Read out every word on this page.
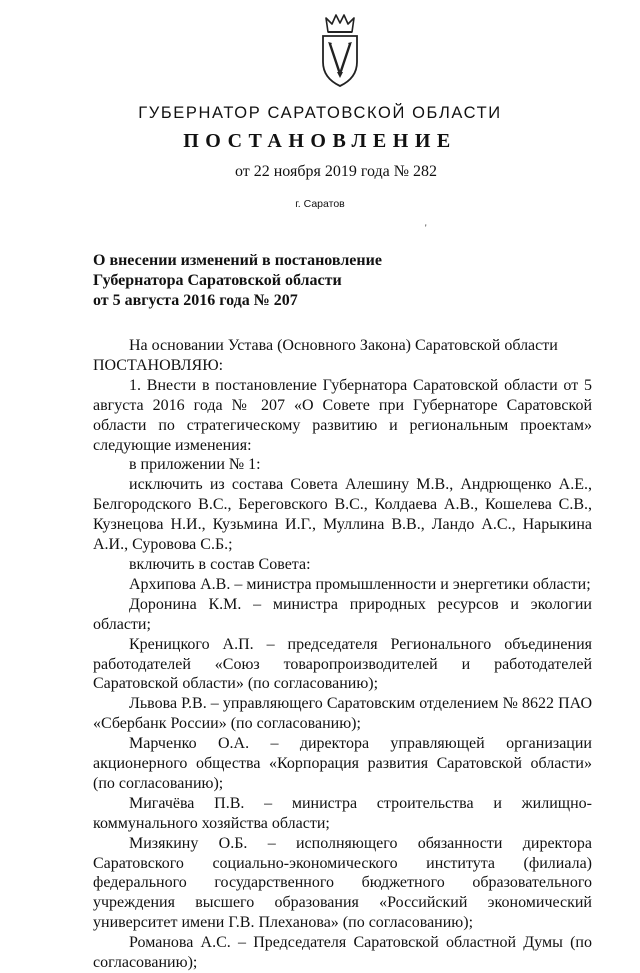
ГУБЕРНАТОР САРАТОВСКОЙ ОБЛАСТИ
ПОСТАНОВЛЕНИЕ
от 22 ноября 2019 года № 282
г. Саратов
'
О внесении изменений в постановление
Губернатора Саратовской области
от 5 августа 2016 года № 207

На основании Устава (Основного Закона) Саратовской области

ПОСТАНОВЛЯЮ:

1. Внести в постановление Губернатора Саратовской области от 5 августа 2016 года № 207 «О Совете при Губернаторе Саратовской области по стратегическому развитию и региональным проектам» следующие изменения:

в приложении № 1:

исключить из состава Совета Алешину М.В., Андрющенко А.Е., Белгородского В.С., Береговского В.С., Колдаева А.В., Кошелева С.В., Кузнецова Н.И., Кузьмина И.Г., Муллина В.В., Ландо А.С., Нарыкина А.И., Суровова С.Б.;

включить в состав Совета:

Архипова А.В. – министра промышленности и энергетики области;

Доронина К.М. – министра природных ресурсов и экологии области;

Креницкого А.П. – председателя Регионального объединения работодателей «Союз товаропроизводителей и работодателей Саратовской области» (по согласованию);

Львова Р.В. – управляющего Саратовским отделением № 8622 ПАО «Сбербанк России» (по согласованию);

Марченко О.А. – директора управляющей организации акционерного общества «Корпорация развития Саратовской области» (по согласованию);

Мигачёва П.В. – министра строительства и жилищно-коммунального хозяйства области;

Мизякину О.Б. – исполняющего обязанности директора Саратовского социально-экономического института (филиала) федерального государственного бюджетного образовательного учреждения высшего образования «Российский экономический университет имени Г.В. Плеханова» (по согласованию);

Романова А.С. – Председателя Саратовской областной Думы (по согласованию);
